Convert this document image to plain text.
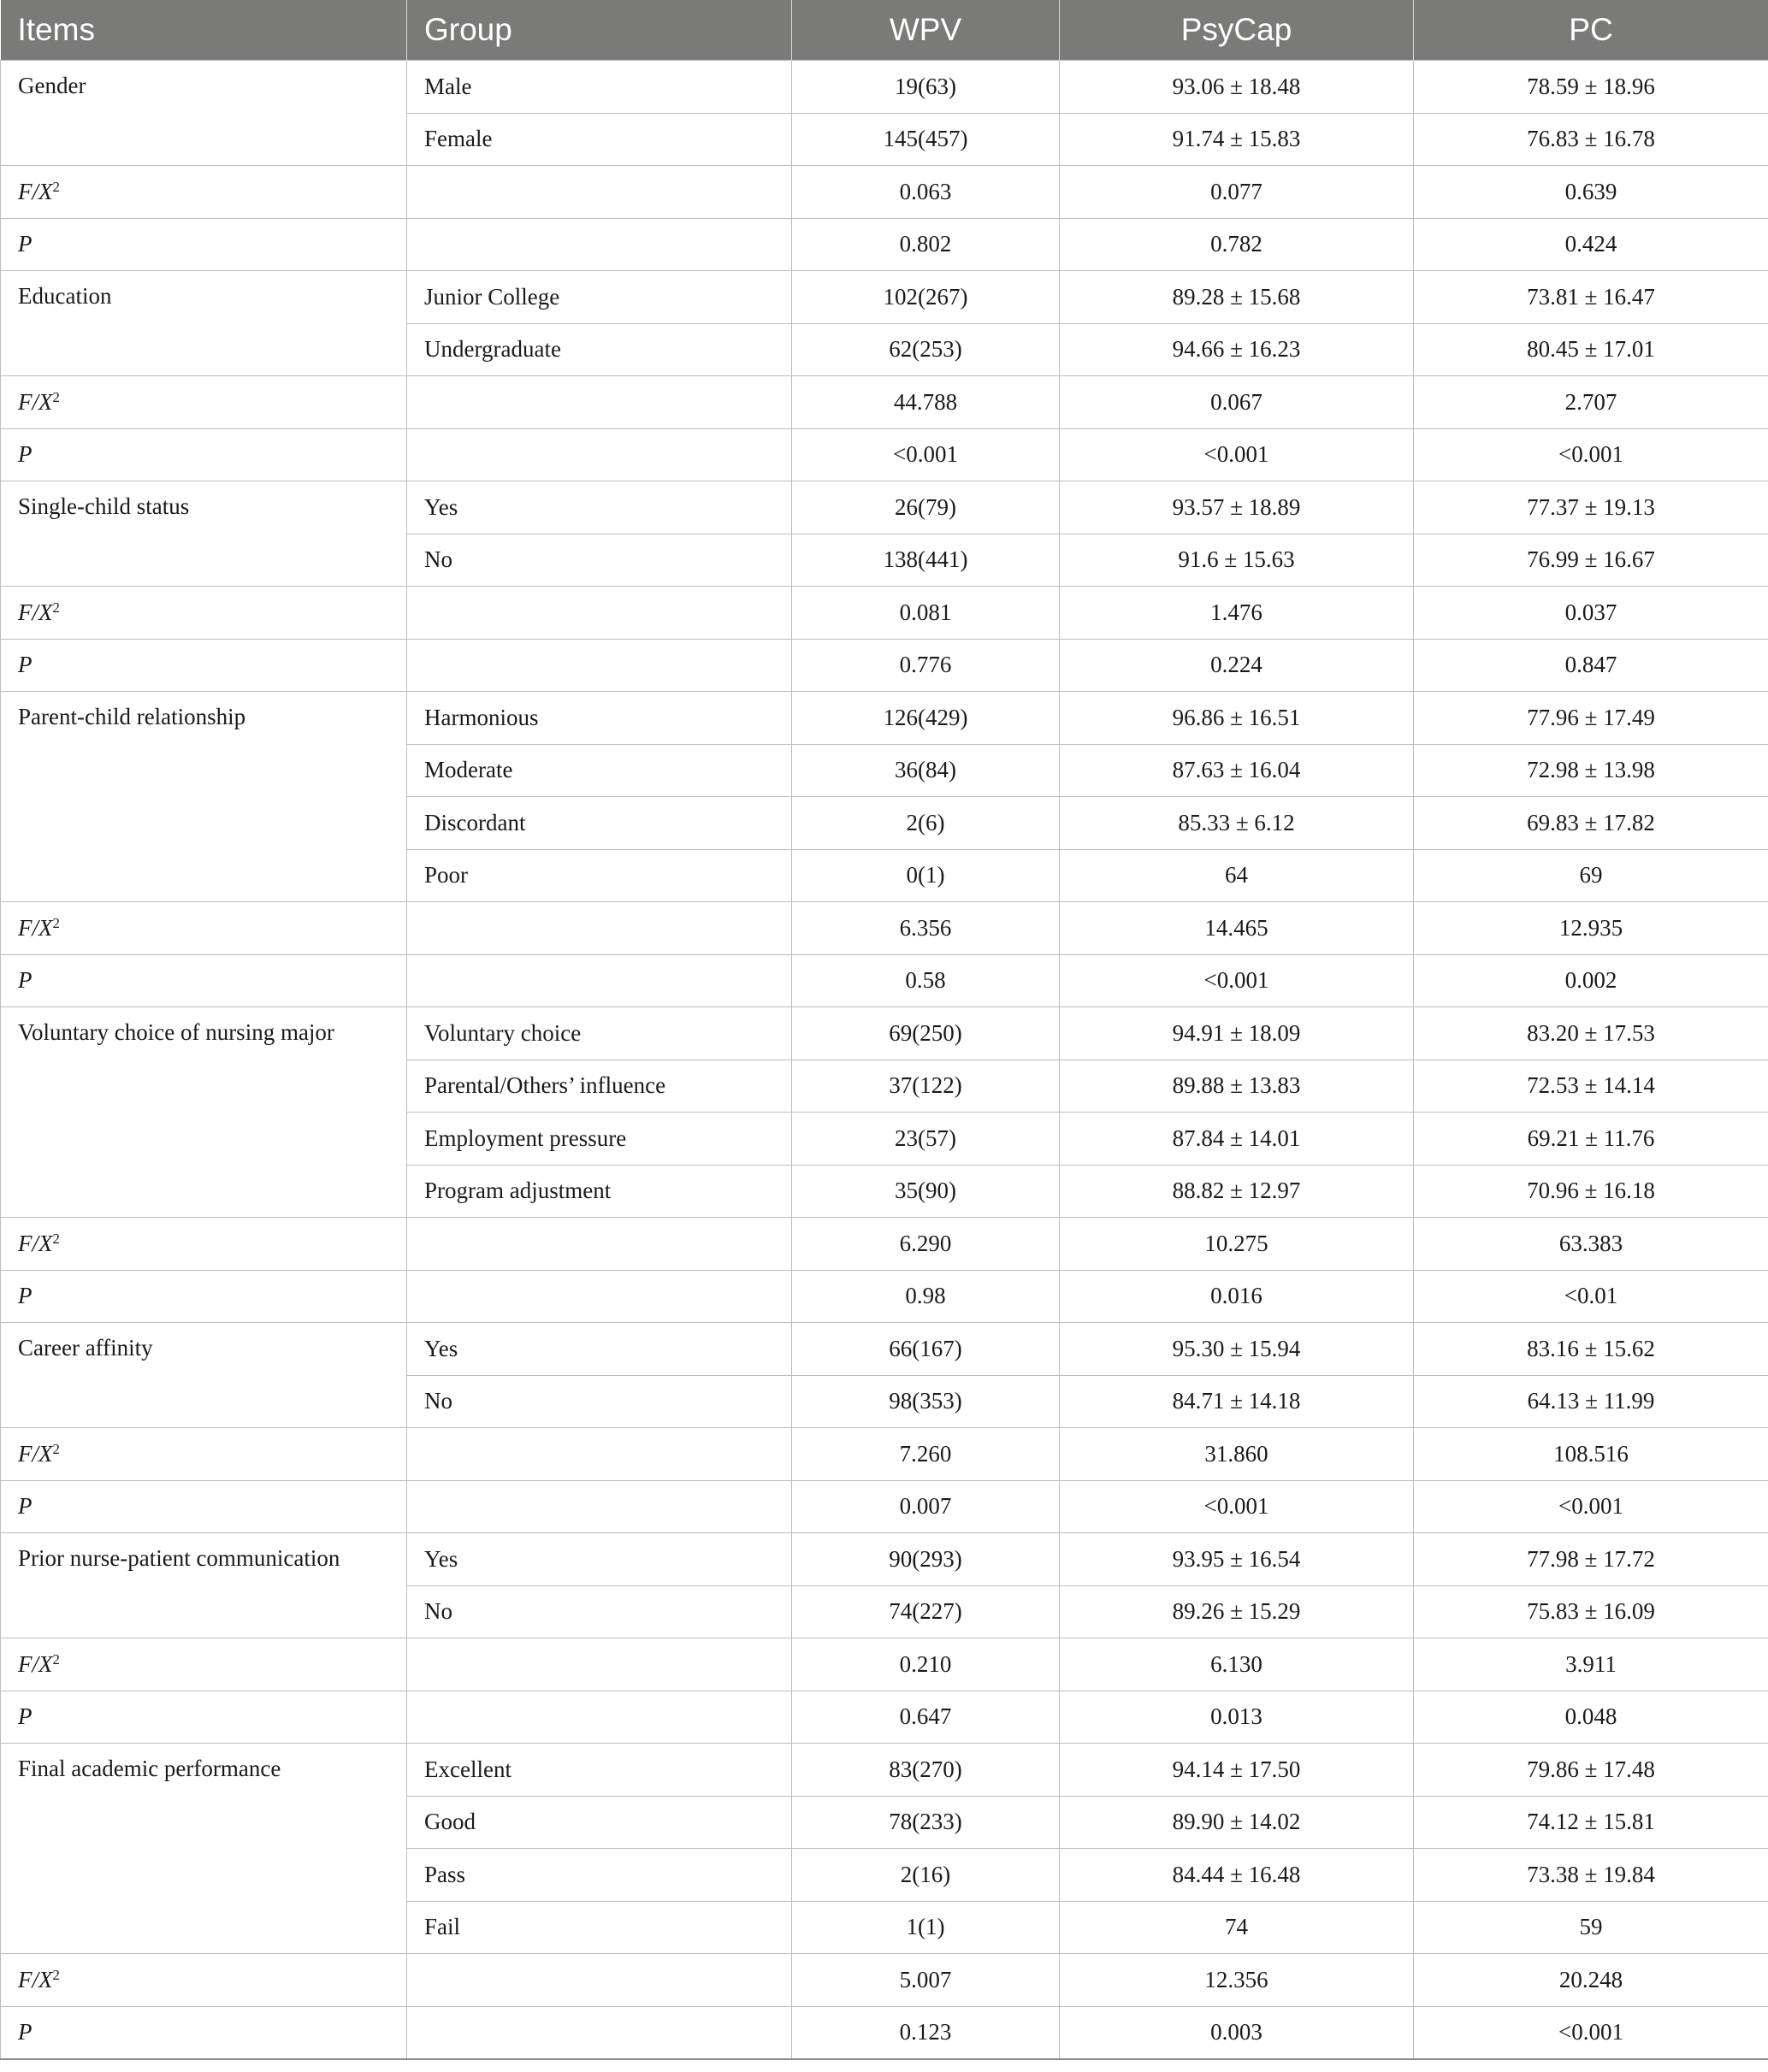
Items	Group	WPV	PsyCap	PC
Gender	Male	19(63)	93.06 ± 18.48	78.59 ± 18.96
	Female	145(457)	91.74 ± 15.83	76.83 ± 16.78
$F/X^2$		0.063	0.077	0.639
P		0.802	0.782	0.424
Education	Junior College	102(267)	89.28 ± 15.68	73.81 ± 16.47
	Undergraduate	62(253)	94.66 ± 16.23	80.45 ± 17.01
$F/X^2$		44.788	0.067	2.707
P		<0.001	<0.001	<0.001
Single-child status	Yes	26(79)	93.57 ± 18.89	77.37 ± 19.13
	No	138(441)	91.6 ± 15.63	76.99 ± 16.67
$F/X^2$		0.081	1.476	0.037
P		0.776	0.224	0.847
Parent-child relationship	Harmonious	126(429)	96.86 ± 16.51	77.96 ± 17.49
	Moderate	36(84)	87.63 ± 16.04	72.98 ± 13.98
	Discordant	2(6)	85.33 ± 6.12	69.83 ± 17.82
	Poor	0(1)	64	69
$F/X^2$		6.356	14.465	12.935
P		0.58	<0.001	0.002
Voluntary choice of nursing major	Voluntary choice	69(250)	94.91 ± 18.09	83.20 ± 17.53
	Parental/Others’ influence	37(122)	89.88 ± 13.83	72.53 ± 14.14
	Employment pressure	23(57)	87.84 ± 14.01	69.21 ± 11.76
	Program adjustment	35(90)	88.82 ± 12.97	70.96 ± 16.18
$F/X^2$		6.290	10.275	63.383
P		0.98	0.016	<0.01
Career affinity	Yes	66(167)	95.30 ± 15.94	83.16 ± 15.62
	No	98(353)	84.71 ± 14.18	64.13 ± 11.99
$F/X^2$		7.260	31.860	108.516
P		0.007	<0.001	<0.001
Prior nurse-patient communication	Yes	90(293)	93.95 ± 16.54	77.98 ± 17.72
	No	74(227)	89.26 ± 15.29	75.83 ± 16.09
$F/X^2$		0.210	6.130	3.911
P		0.647	0.013	0.048
Final academic performance	Excellent	83(270)	94.14 ± 17.50	79.86 ± 17.48
	Good	78(233)	89.90 ± 14.02	74.12 ± 15.81
	Pass	2(16)	84.44 ± 16.48	73.38 ± 19.84
	Fail	1(1)	74	59
$F/X^2$		5.007	12.356	20.248
P		0.123	0.003	<0.001
